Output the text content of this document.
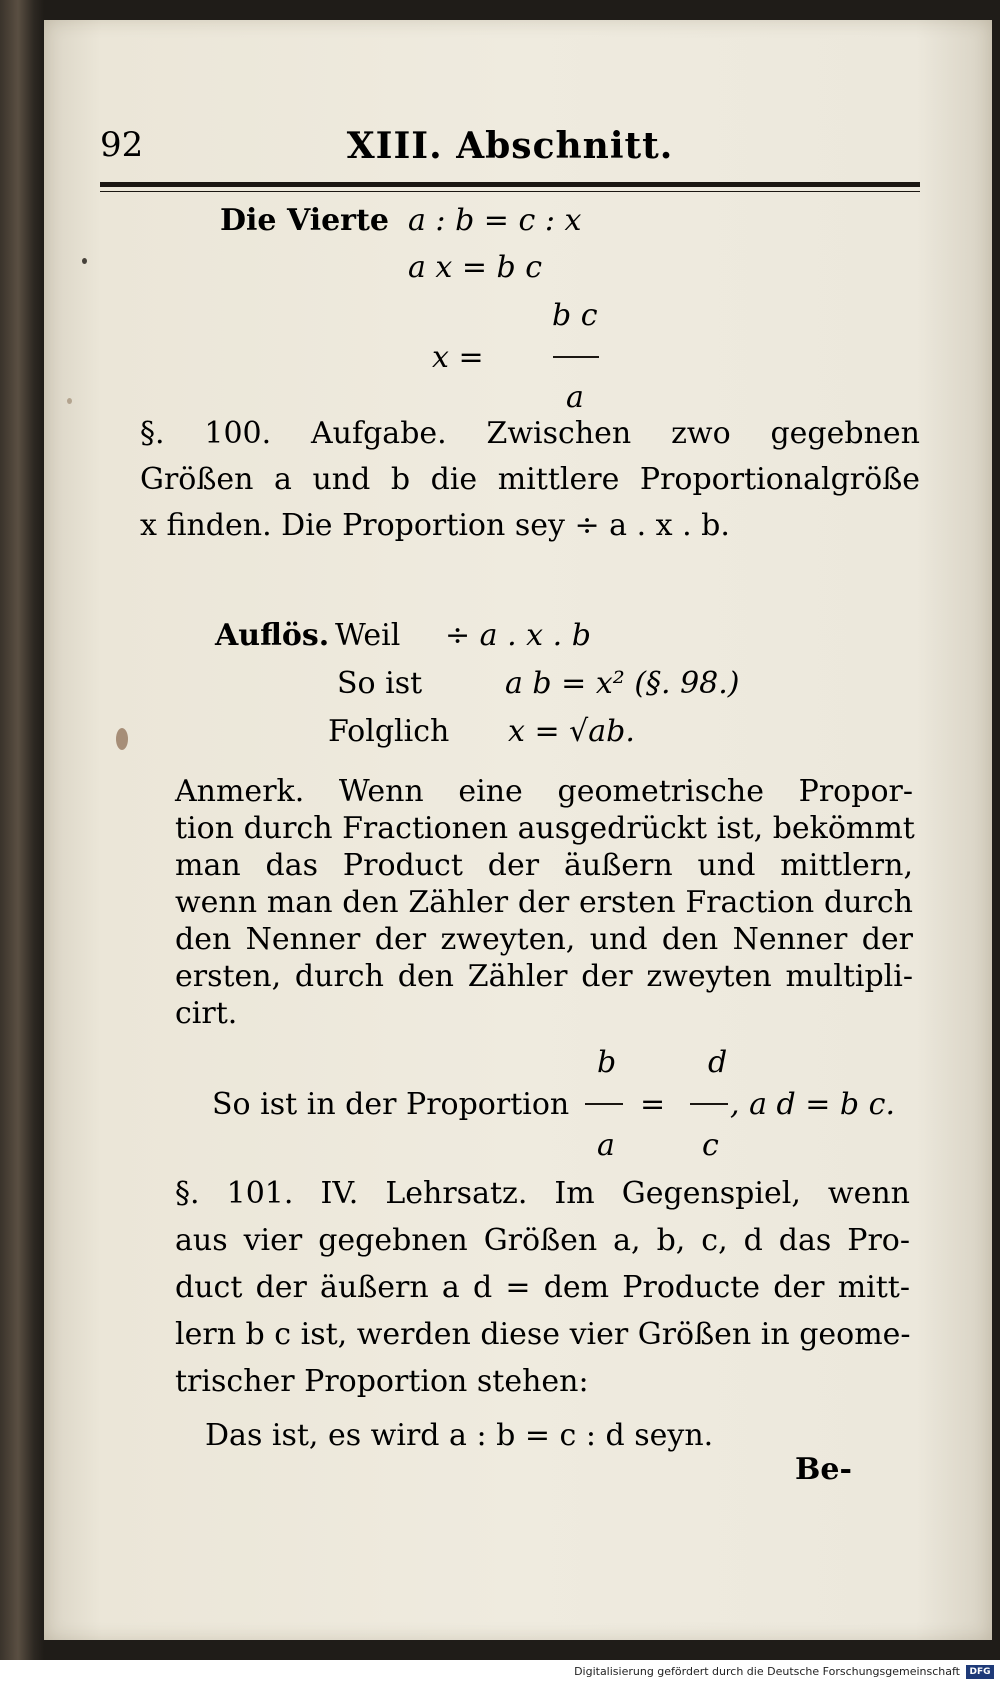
92	XIII. Abschnitt.
Die Vierte a : b = c : x
a x = b c
b c
x =
a
§. 100. Aufgabe. Zwischen zwo gegebnen
Größen a und b die mittlere Proportionalgröße
x finden. Die Proportion sey ÷ a . x . b.
Auflös. Weil ÷ a . x . b
So ist	a b = x² (§. 98.)
Folglich x = √ab.
Anmerk. Wenn eine geometrische Propor-
tion durch Fractionen ausgedrückt ist, bekömmt
man das Product der äußern und mittlern,
wenn man den Zähler der ersten Fraction durch
den Nenner der zweyten, und den Nenner der
ersten, durch den Zähler der zweyten multipli-
cirt.
b	d
So ist in der Proportion = , a d = b c.
a	c
§. 101. IV. Lehrsatz. Im Gegenspiel, wenn
aus vier gegebnen Größen a, b, c, d das Pro-
duct der äußern a d = dem Producte der mitt-
lern b c ist, werden diese vier Größen in geome-
trischer Proportion stehen:
Das ist, es wird a : b = c : d seyn.
Be-
Digitalisierung gefördert durch die Deutsche Forschungsgemeinschaft	DFG
